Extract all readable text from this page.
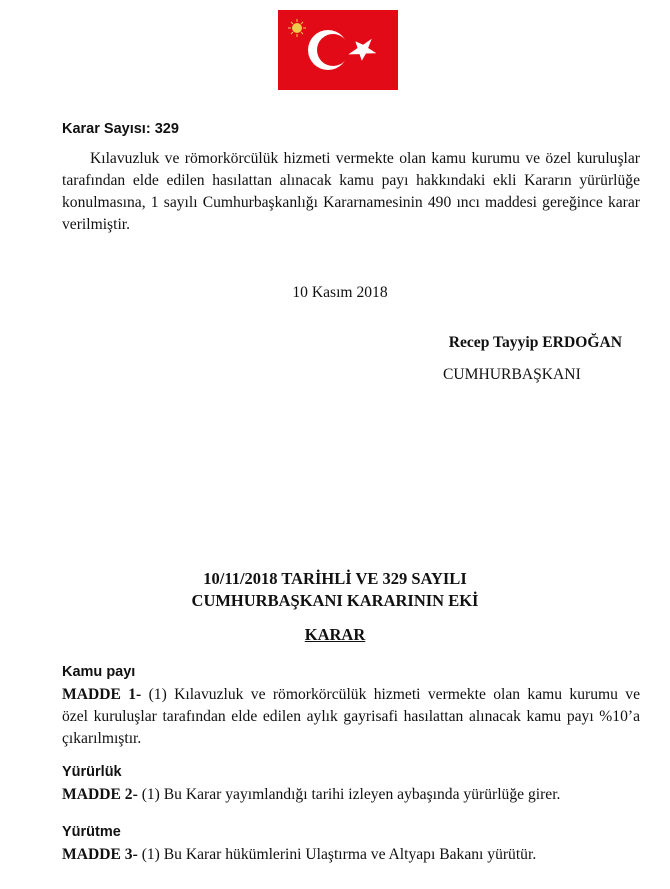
Karar Sayısı: 329
Kılavuzluk ve römorkörcülük hizmeti vermekte olan kamu kurumu ve özel kuruluşlar
tarafından elde edilen hasılattan alınacak kamu payı hakkındaki ekli Kararın yürürlüğe
konulmasına, 1 sayılı Cumhurbaşkanlığı Kararnamesinin 490 ıncı maddesi gereğince karar
verilmiştir.
10 Kasım 2018
Recep Tayyip ERDOĞAN
CUMHURBAŞKANI
10/11/2018 TARİHLİ VE 329 SAYILI
CUMHURBAŞKANI KARARININ EKİ
KARAR
Kamu payı
MADDE 1- (1) Kılavuzluk ve römorkörcülük hizmeti vermekte olan kamu kurumu ve
özel kuruluşlar tarafından elde edilen aylık gayrisafi hasılattan alınacak kamu payı %10’a
çıkarılmıştır.
Yürürlük
MADDE 2- (1) Bu Karar yayımlandığı tarihi izleyen aybaşında yürürlüğe girer.
Yürütme
MADDE 3- (1) Bu Karar hükümlerini Ulaştırma ve Altyapı Bakanı yürütür.
